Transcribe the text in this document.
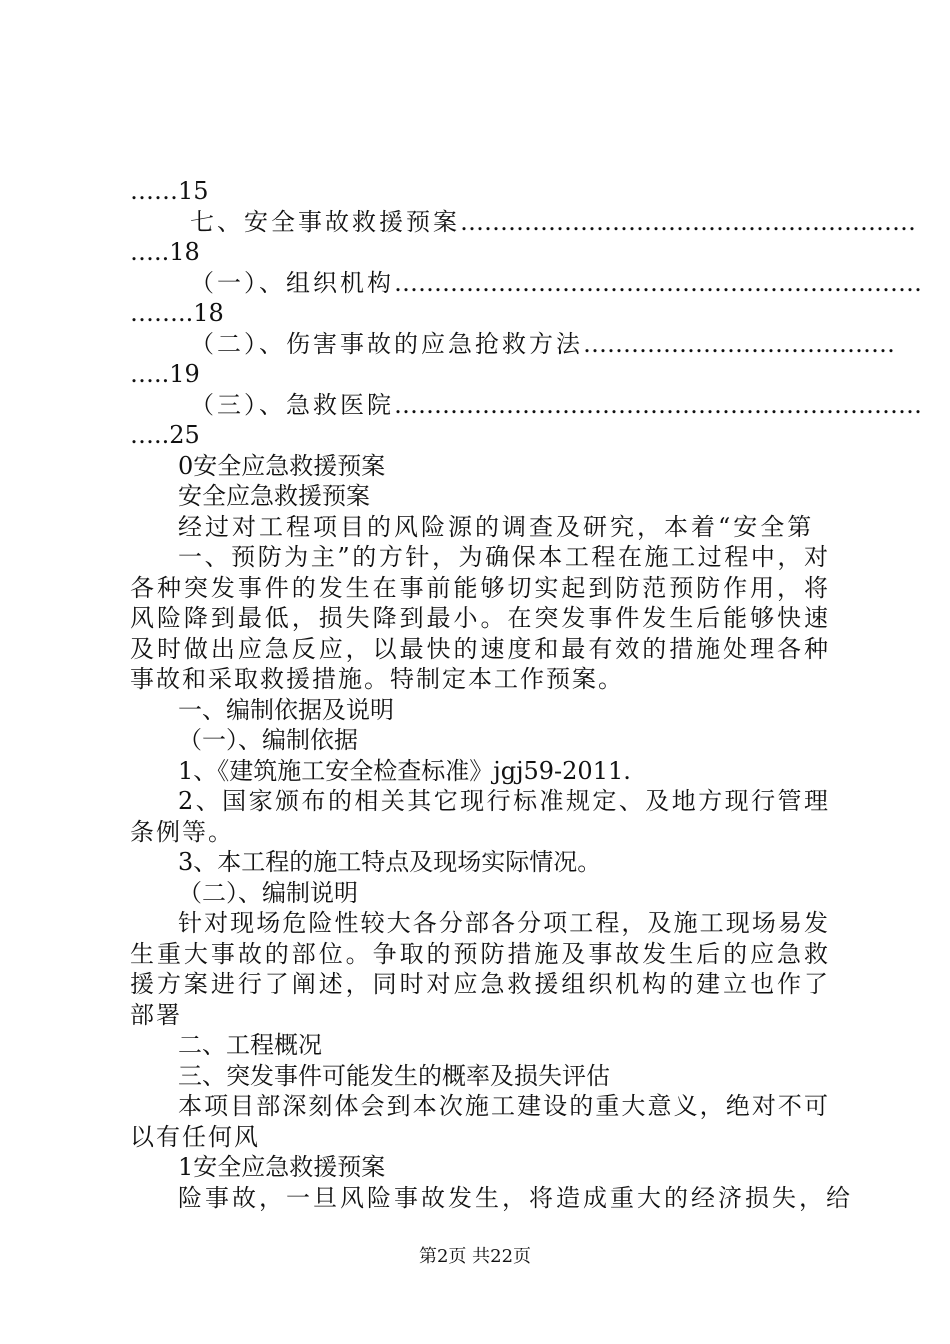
……15
七、安全事故救援预案 …………………………………………………
…..18
（一）、组织机构 …………………………………………………………
……..18
（二）、伤害事故的应急抢救方法 …………………………………
…..19
（三）、急救医院 …………………………………………………………
…..25
0安全应急救援预案
安全应急救援预案
经过对工程项目的风险源的调查及研究，本着“安全第
一、预防为主”的方针，为确保本工程在施工过程中，对各种突发事件的发生在事前能够切实起到防范预防作用，将风险降到最低，损失降到最小。在突发事件发生后能够快速及时做出应急反应，以最快的速度和最有效的措施处理各种事故和采取救援措施。特制定本工作预案。
一、编制依据及说明
（一）、编制依据
1、《建筑施工安全检查标准》jgj59-2011.
2、国家颁布的相关其它现行标准规定、及地方现行管理条例等。
3、本工程的施工特点及现场实际情况。
（二）、编制说明
针对现场危险性较大各分部各分项工程，及施工现场易发生重大事故的部位。争取的预防措施及事故发生后的应急救援方案进行了阐述，同时对应急救援组织机构的建立也作了部署
二、工程概况
三、突发事件可能发生的概率及损失评估
本项目部深刻体会到本次施工建设的重大意义，绝对不可以有任何风
1安全应急救援预案
险事故，一旦风险事故发生，将造成重大的经济损失，给
第2页 共22页
